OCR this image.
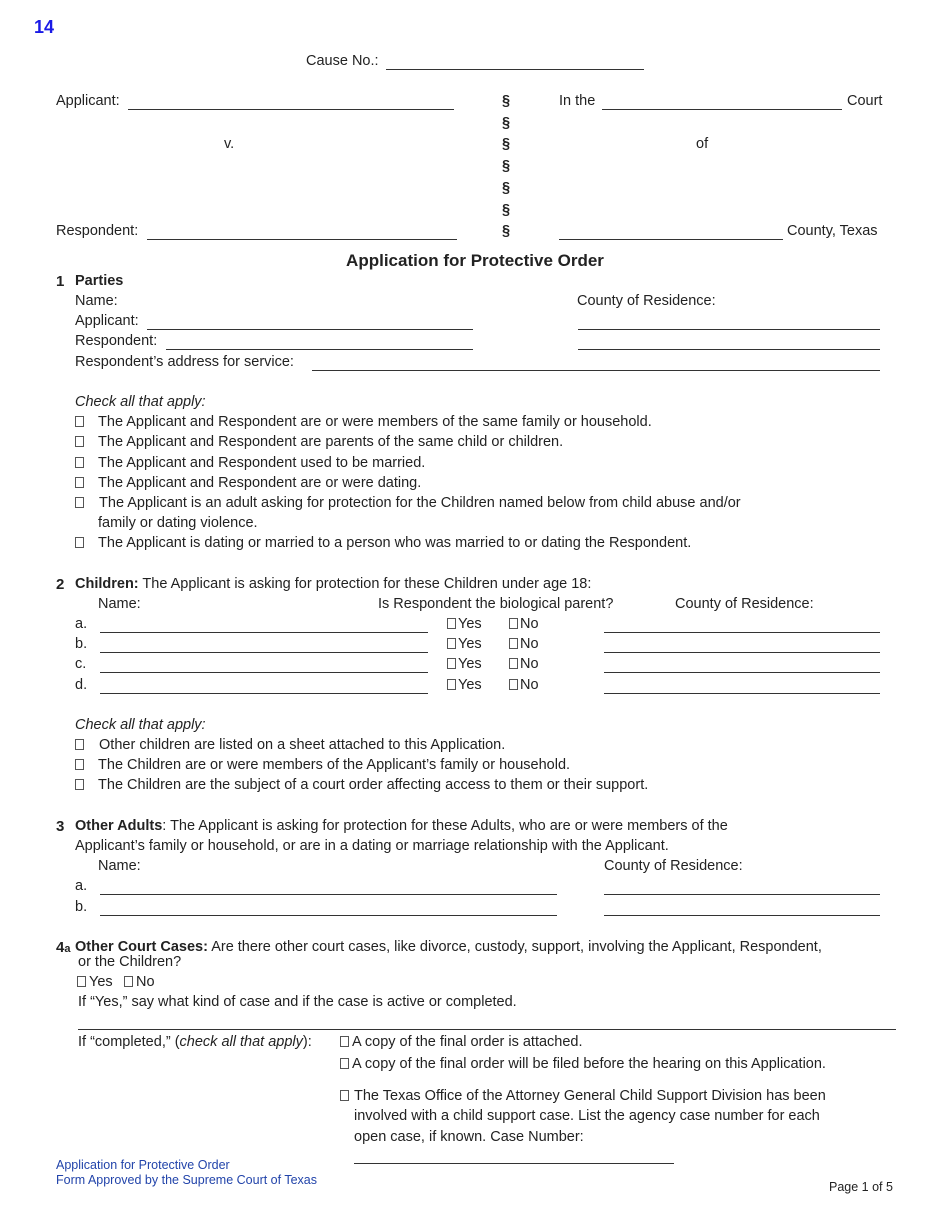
14
Cause No.:
Applicant:	In the	Court
v.	of
Respondent:	County, Texas
§
§
§
§
§
§
§
Application for Protective Order
1 Parties
Name:	County of Residence:
Applicant:
Respondent:
Respondent’s address for service:
Check all that apply:
The Applicant and Respondent are or were members of the same family or household.
The Applicant and Respondent are parents of the same child or children.
The Applicant and Respondent used to be married.
The Applicant and Respondent are or were dating.
The Applicant is an adult asking for protection for the Children named below from child abuse and/or
family or dating violence.
The Applicant is dating or married to a person who was married to or dating the Respondent.
2 Children: The Applicant is asking for protection for these Children under age 18:
Name:	Is Respondent the biological parent?	County of Residence:
a.	Yes	No
b.	Yes	No
c.	Yes	No
d.	Yes	No
Check all that apply:
Other children are listed on a sheet attached to this Application.
The Children are or were members of the Applicant’s family or household.
The Children are the subject of a court order affecting access to them or their support.
3 Other Adults: The Applicant is asking for protection for these Adults, who are or were members of the
Applicant’s family or household, or are in a dating or marriage relationship with the Applicant.
Name:	County of Residence:
a.
b.
4a Other Court Cases: Are there other court cases, like divorce, custody, support, involving the Applicant, Respondent,
or the Children?
Yes	No
If “Yes,” say what kind of case and if the case is active or completed.
If “completed,” (check all that apply):	A copy of the final order is attached.
A copy of the final order will be filed before the hearing on this Application.
The Texas Office of the Attorney General Child Support Division has been
involved with a child support case. List the agency case number for each
open case, if known. Case Number:
Application for Protective Order
Form Approved by the Supreme Court of Texas	Page 1 of 5
